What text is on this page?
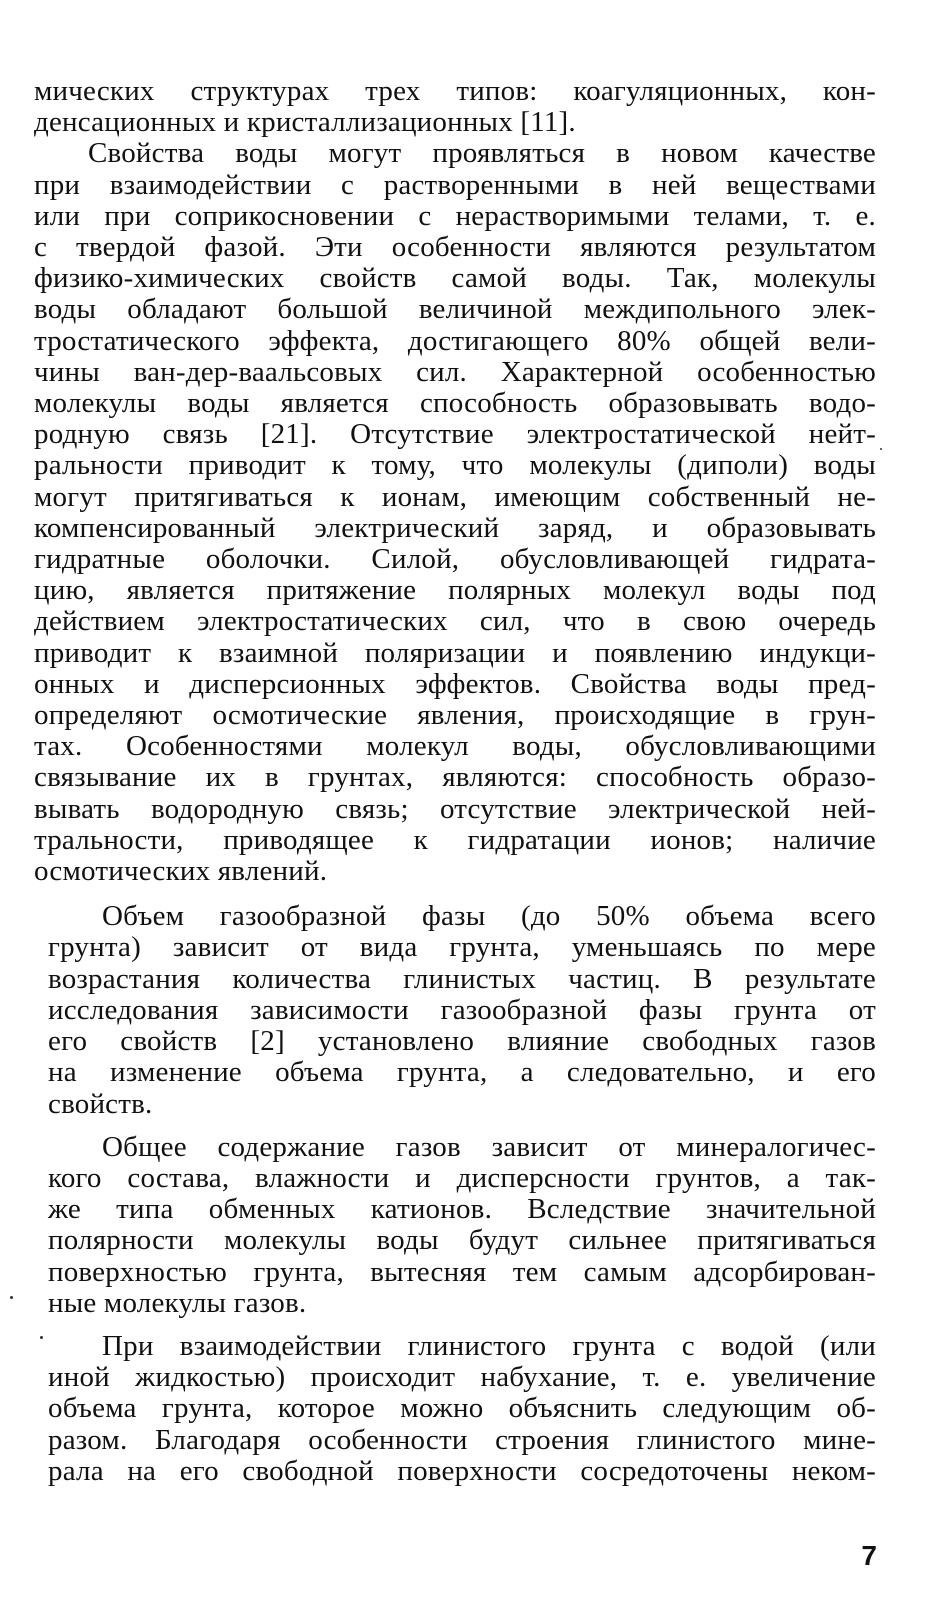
мических структурах трех типов: коагуляционных, кон-
денсационных и кристаллизационных [11].
Свойства воды могут проявляться в новом качестве
при взаимодействии с растворенными в ней веществами
или при соприкосновении с нерастворимыми телами, т. е.
с твердой фазой. Эти особенности являются результатом
физико-химических свойств самой воды. Так, молекулы
воды обладают большой величиной междипольного элек-
тростатического эффекта, достигающего 80% общей вели-
чины ван-дер-ваальсовых сил. Характерной особенностью
молекулы воды является способность образовывать водо-
родную связь [21]. Отсутствие электростатической нейт-
ральности приводит к тому, что молекулы (диполи) воды
могут притягиваться к ионам, имеющим собственный не-
компенсированный электрический заряд, и образовывать
гидратные оболочки. Силой, обусловливающей гидрата-
цию, является притяжение полярных молекул воды под
действием электростатических сил, что в свою очередь
приводит к взаимной поляризации и появлению индукци-
онных и дисперсионных эффектов. Свойства воды пред-
определяют осмотические явления, происходящие в грун-
тах. Особенностями молекул воды, обусловливающими
связывание их в грунтах, являются: способность образо-
вывать водородную связь; отсутствие электрической ней-
тральности, приводящее к гидратации ионов; наличие
осмотических явлений.
Объем газообразной фазы (до 50% объема всего
грунта) зависит от вида грунта, уменьшаясь по мере
возрастания количества глинистых частиц. В результате
исследования зависимости газообразной фазы грунта от
его свойств [2] установлено влияние свободных газов
на изменение объема грунта, а следовательно, и его
свойств.
Общее содержание газов зависит от минералогичес-
кого состава, влажности и дисперсности грунтов, а так-
же типа обменных катионов. Вследствие значительной
полярности молекулы воды будут сильнее притягиваться
поверхностью грунта, вытесняя тем самым адсорбирован-
ные молекулы газов.
При взаимодействии глинистого грунта с водой (или
иной жидкостью) происходит набухание, т. е. увеличение
объема грунта, которое можно объяснить следующим об-
разом. Благодаря особенности строения глинистого мине-
рала на его свободной поверхности сосредоточены неком-
7
